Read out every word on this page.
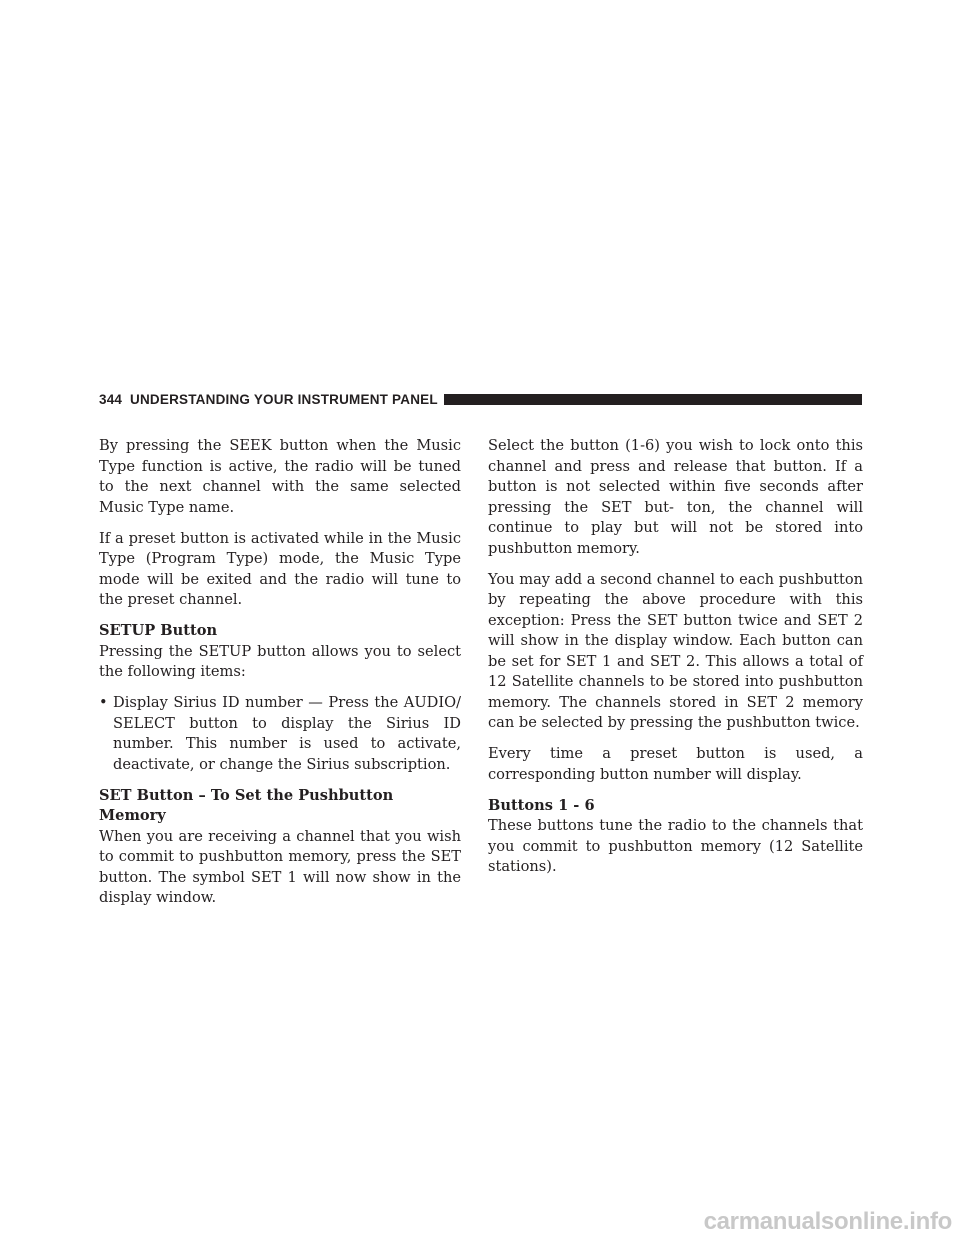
344 UNDERSTANDING YOUR INSTRUMENT PANEL

By pressing the SEEK button when the Music Type function is active, the radio will be tuned to the next channel with the same selected Music Type name.

If a preset button is activated while in the Music Type (Program Type) mode, the Music Type mode will be exited and the radio will tune to the preset channel.

SETUP Button

Pressing the SETUP button allows you to select the following items:

• Display Sirius ID number — Press the AUDIO/ SELECT button to display the Sirius ID number. This number is used to activate, deactivate, or change the Sirius subscription.

SET Button – To Set the Pushbutton Memory

When you are receiving a channel that you wish to commit to pushbutton memory, press the SET button. The symbol SET 1 will now show in the display window.

Select the button (1-6) you wish to lock onto this channel and press and release that button. If a button is not selected within five seconds after pressing the SET but- ton, the channel will continue to play but will not be stored into pushbutton memory.

You may add a second channel to each pushbutton by repeating the above procedure with this exception: Press the SET button twice and SET 2 will show in the display window. Each button can be set for SET 1 and SET 2. This allows a total of 12 Satellite channels to be stored into pushbutton memory. The channels stored in SET 2 memory can be selected by pressing the pushbutton twice.

Every time a preset button is used, a corresponding button number will display.

Buttons 1 - 6

These buttons tune the radio to the channels that you commit to pushbutton memory (12 Satellite stations).

carmanualsonline.info
